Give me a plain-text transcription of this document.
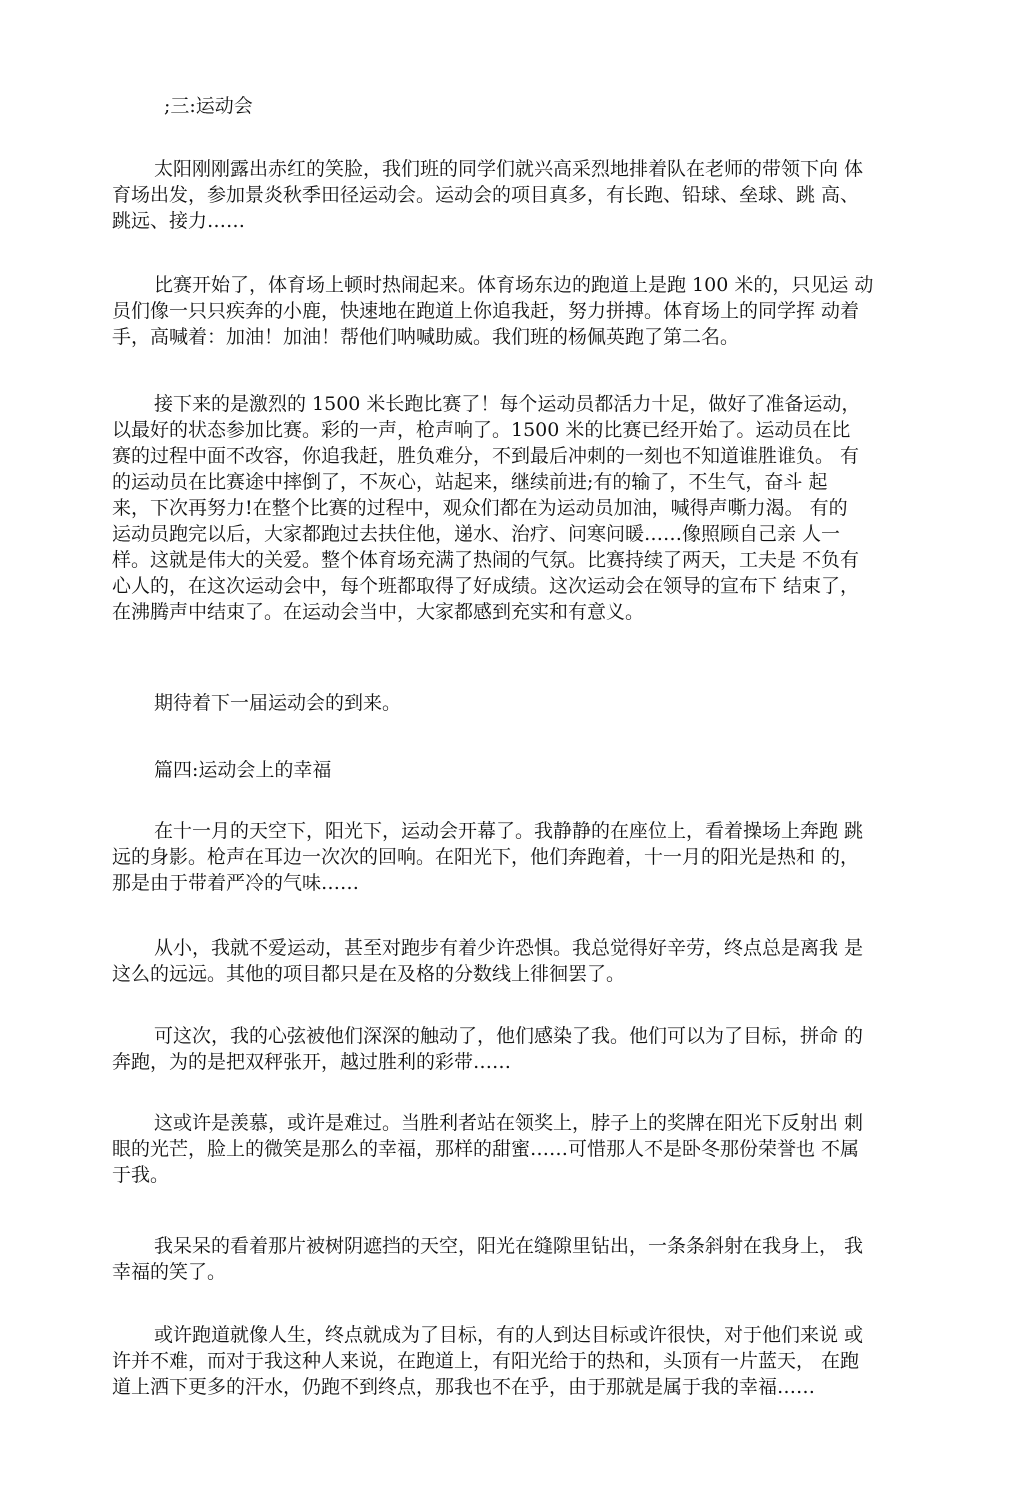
;三:运动会
太阳刚刚露出赤红的笑脸，我们班的同学们就兴高采烈地排着队在老师的带领下向 体
育场出发，参加景炎秋季田径运动会。运动会的项目真多，有长跑、铅球、垒球、跳 高、
跳远、接力……
比赛开始了，体育场上顿时热闹起来。体育场东边的跑道上是跑 100 米的，只见运 动
员们像一只只疾奔的小鹿，快速地在跑道上你追我赶，努力拼搏。体育场上的同学挥 动着
手，高喊着：加油！加油！帮他们呐喊助威。我们班的杨佩英跑了第二名。
接下来的是激烈的 1500 米长跑比赛了！每个运动员都活力十足，做好了准备运动，
以最好的状态参加比赛。彩的一声，枪声响了。1500 米的比赛已经开始了。运动员在比
赛的过程中面不改容，你追我赶，胜负难分，不到最后冲刺的一刻也不知道谁胜谁负。 有
的运动员在比赛途中摔倒了，不灰心，站起来，继续前进;有的输了，不生气，奋斗 起
来，下次再努力!在整个比赛的过程中，观众们都在为运动员加油，喊得声嘶力渴。 有的
运动员跑完以后，大家都跑过去扶住他，递水、治疗、问寒问暖……像照顾自己亲 人一
样。这就是伟大的关爱。整个体育场充满了热闹的气氛。比赛持续了两天，工夫是 不负有
心人的，在这次运动会中，每个班都取得了好成绩。这次运动会在领导的宣布下 结束了，
在沸腾声中结束了。在运动会当中，大家都感到充实和有意义。
期待着下一届运动会的到来。
篇四:运动会上的幸福
在十一月的天空下，阳光下，运动会开幕了。我静静的在座位上，看着操场上奔跑 跳
远的身影。枪声在耳边一次次的回响。在阳光下，他们奔跑着，十一月的阳光是热和 的，
那是由于带着严冷的气味……
从小，我就不爱运动，甚至对跑步有着少许恐惧。我总觉得好辛劳，终点总是离我 是
这么的远远。其他的项目都只是在及格的分数线上徘徊罢了。
可这次，我的心弦被他们深深的触动了，他们感染了我。他们可以为了目标，拼命 的
奔跑，为的是把双秤张开，越过胜利的彩带……
这或许是羡慕，或许是难过。当胜利者站在领奖上，脖子上的奖牌在阳光下反射出 刺
眼的光芒，脸上的微笑是那么的幸福，那样的甜蜜……可惜那人不是卧冬那份荣誉也 不属
于我。
我呆呆的看着那片被树阴遮挡的天空，阳光在缝隙里钻出，一条条斜射在我身上， 我
幸福的笑了。
或许跑道就像人生，终点就成为了目标，有的人到达目标或许很快，对于他们来说 或
许并不难，而对于我这种人来说，在跑道上，有阳光给于的热和，头顶有一片蓝天， 在跑
道上洒下更多的汗水，仍跑不到终点，那我也不在乎，由于那就是属于我的幸福……
